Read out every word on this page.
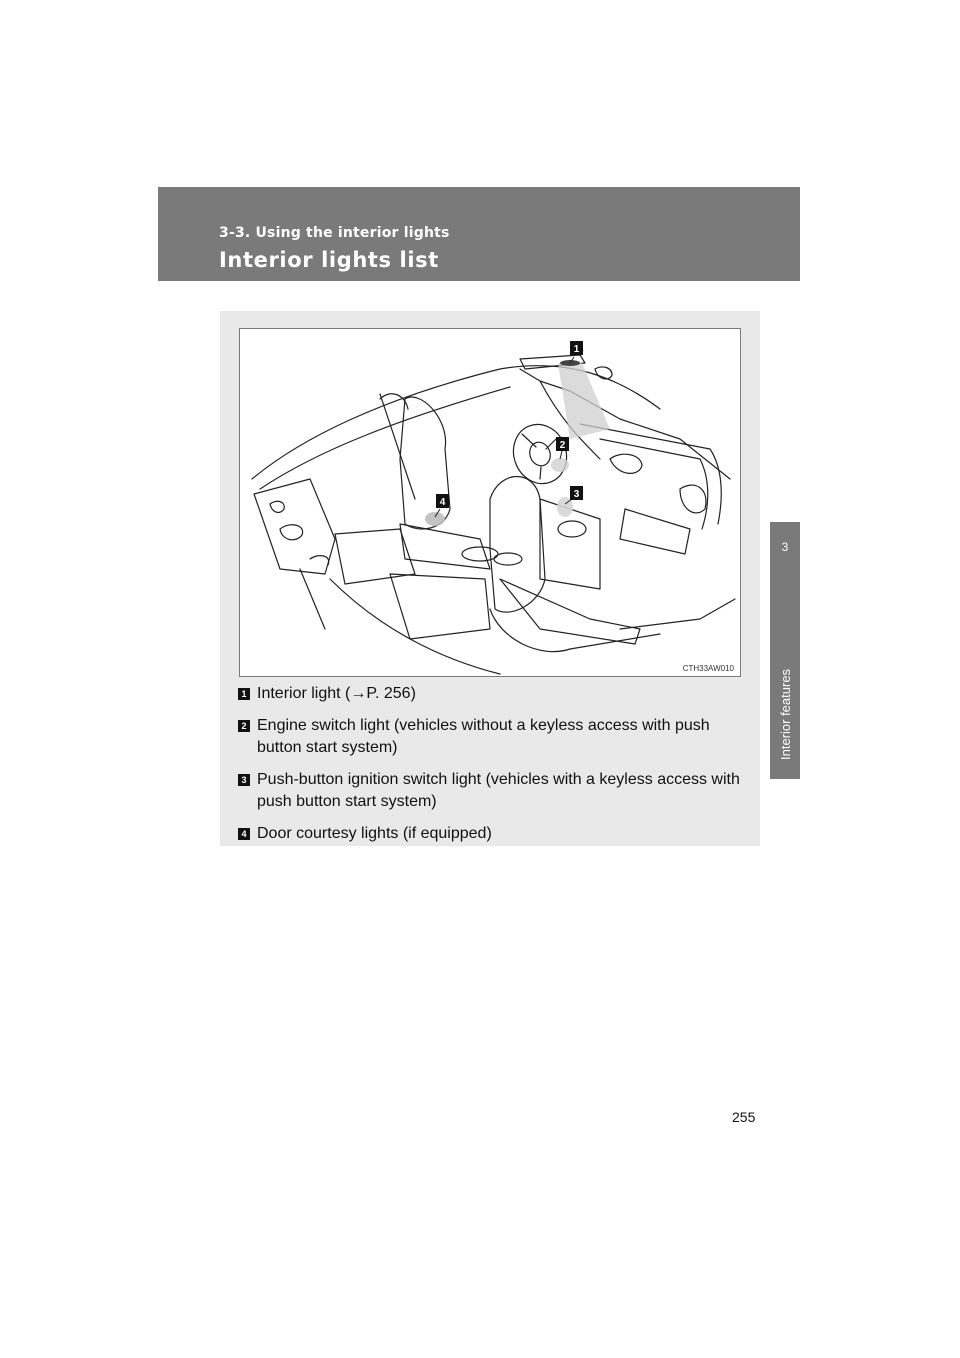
3-3. Using the interior lights
Interior lights list
3
Interior features
1
2
3
4
CTH33AW010
1 Interior light (→P. 256)
2 Engine switch light (vehicles without a keyless access with push button start system)
3 Push-button ignition switch light (vehicles with a keyless access with push button start system)
4 Door courtesy lights (if equipped)
255
